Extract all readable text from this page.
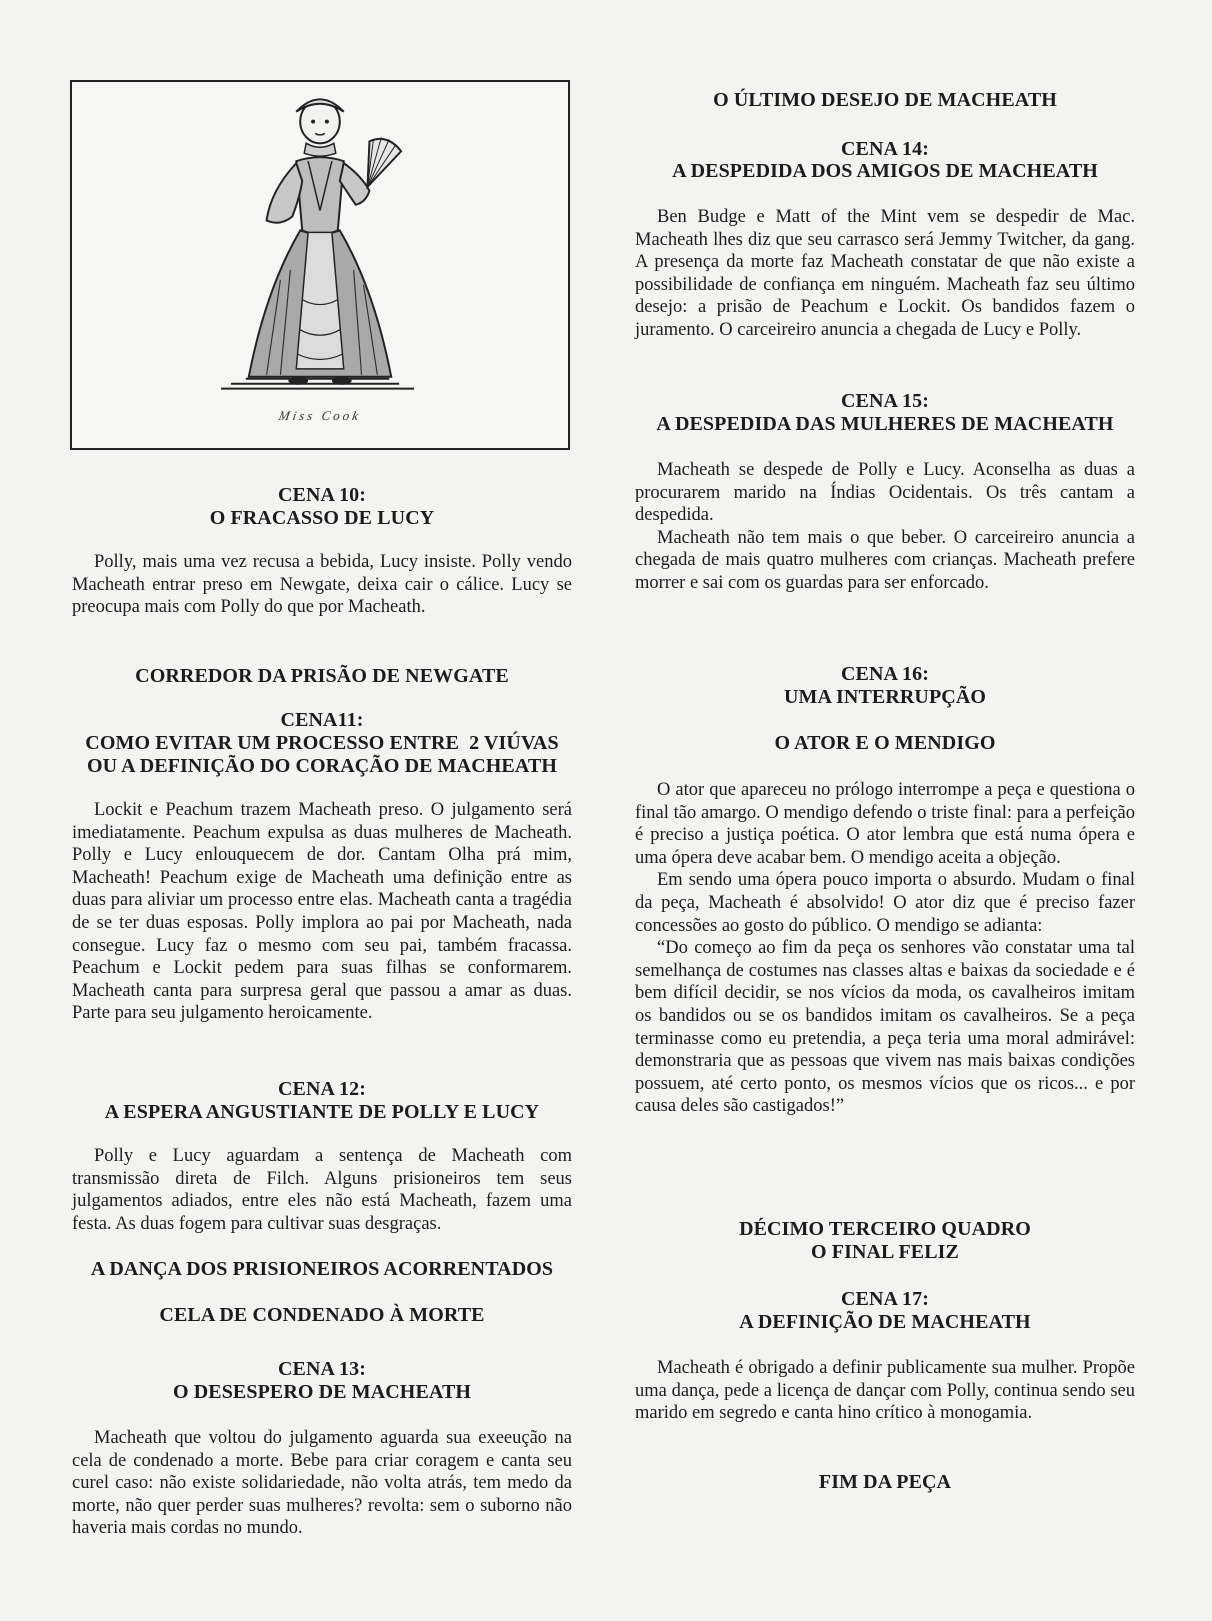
Miss Cook
CENA 10:
O FRACASSO DE LUCY

Polly, mais uma vez recusa a bebida, Lucy insiste. Polly vendo Macheath entrar preso em Newgate, deixa cair o cálice. Lucy se preocupa mais com Polly do que por Macheath.

CORREDOR DA PRISÃO DE NEWGATE
CENA11:
COMO EVITAR UM PROCESSO ENTRE  2 VIÚVAS
OU A DEFINIÇÃO DO CORAÇÃO DE MACHEATH

Lockit e Peachum trazem Macheath preso. O julgamento será imediatamente. Peachum expulsa as duas mulheres de Macheath. Polly e Lucy enlouquecem de dor. Cantam Olha prá mim, Macheath! Peachum exige de Macheath uma definição entre as duas para aliviar um processo entre elas. Macheath canta a tragédia de se ter duas esposas. Polly implora ao pai por Macheath, nada consegue. Lucy faz o mesmo com seu pai, também fracassa. Peachum e Lockit pedem para suas filhas se conformarem. Macheath canta para surpresa geral que passou a amar as duas. Parte para seu julgamento heroicamente.

CENA 12:
A ESPERA ANGUSTIANTE DE POLLY E LUCY

Polly e Lucy aguardam a sentença de Macheath com transmissão direta de Filch. Alguns prisioneiros tem seus julgamentos adiados, entre eles não está Macheath, fazem uma festa. As duas fogem para cultivar suas desgraças.

A DANÇA DOS PRISIONEIROS ACORRENTADOS
CELA DE CONDENADO À MORTE
CENA 13:
O DESESPERO DE MACHEATH

Macheath que voltou do julgamento aguarda sua exeeução na cela de condenado a morte. Bebe para criar coragem e canta seu curel caso: não existe solidariedade, não volta atrás, tem medo da morte, não quer perder suas mulheres? revolta: sem o suborno não haveria mais cordas no mundo.

O ÚLTIMO DESEJO DE MACHEATH
CENA 14:
A DESPEDIDA DOS AMIGOS DE MACHEATH

Ben Budge e Matt of the Mint vem se despedir de Mac. Macheath lhes diz que seu carrasco será Jemmy Twitcher, da gang. A presença da morte faz Macheath constatar de que não existe a possibilidade de confiança em ninguém. Macheath faz seu último desejo: a prisão de Peachum e Lockit. Os bandidos fazem o juramento. O carceireiro anuncia a chegada de Lucy e Polly.

CENA 15:
A DESPEDIDA DAS MULHERES DE MACHEATH

Macheath se despede de Polly e Lucy. Aconselha as duas a procurarem marido na Índias Ocidentais. Os três cantam a despedida.

Macheath não tem mais o que beber. O carceireiro anuncia a chegada de mais quatro mulheres com crianças. Macheath prefere morrer e sai com os guardas para ser enforcado.

CENA 16:
UMA INTERRUPÇÃO
O ATOR E O MENDIGO

O ator que apareceu no prólogo interrompe a peça e questiona o final tão amargo. O mendigo defendo o triste final: para a perfeição é preciso a justiça poética. O ator lembra que está numa ópera e uma ópera deve acabar bem. O mendigo aceita a objeção.

Em sendo uma ópera pouco importa o absurdo. Mudam o final da peça, Macheath é absolvido! O ator diz que é preciso fazer concessões ao gosto do público. O mendigo se adianta:

“Do começo ao fim da peça os senhores vão constatar uma tal semelhança de costumes nas classes altas e baixas da sociedade e é bem difícil decidir, se nos vícios da moda, os cavalheiros imitam os bandidos ou se os bandidos imitam os cavalheiros. Se a peça terminasse como eu pretendia, a peça teria uma moral admirável: demonstraria que as pessoas que vivem nas mais baixas condições possuem, até certo ponto, os mesmos vícios que os ricos... e por causa deles são castigados!”

DÉCIMO TERCEIRO QUADRO
O FINAL FELIZ
CENA 17:
A DEFINIÇÃO DE MACHEATH

Macheath é obrigado a definir publicamente sua mulher. Propõe uma dança, pede a licença de dançar com Polly, continua sendo seu marido em segredo e canta hino crítico à monogamia.

FIM DA PEÇA
